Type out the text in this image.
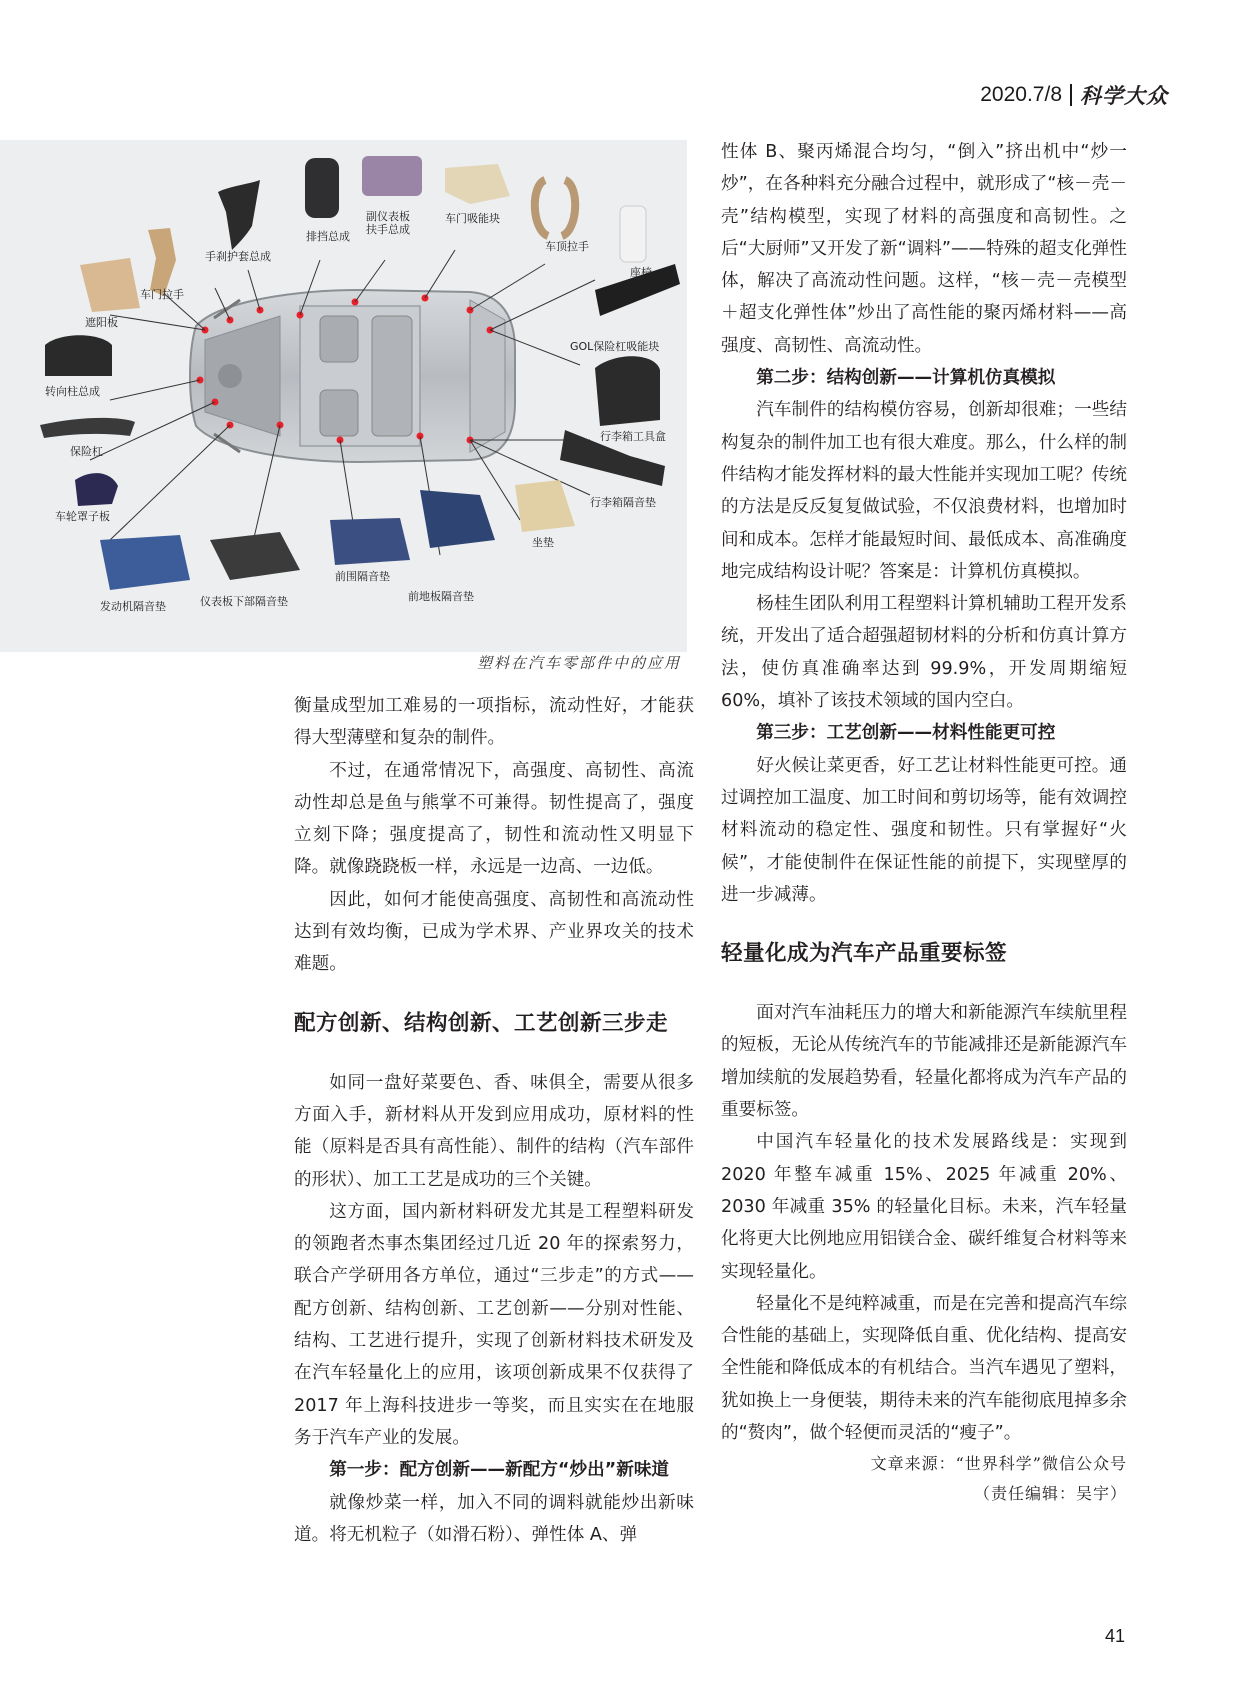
2020.7/8 科学大众
排挡总成
副仪表板扶手总成
车门吸能块
手刹护套总成
车门拉手
车顶拉手
座椅
遮阳板
GOL保险杠吸能块
转向柱总成
行李箱工具盒
保险杠
车轮罩子板
行李箱隔音垫
坐垫
发动机隔音垫	仪表板下部隔音垫
前围隔音垫
前地板隔音垫
塑料在汽车零部件中的应用

衡量成型加工难易的一项指标，流动性好，才能获得大型薄壁和复杂的制件。

不过，在通常情况下，高强度、高韧性、高流动性却总是鱼与熊掌不可兼得。韧性提高了，强度立刻下降；强度提高了，韧性和流动性又明显下降。就像跷跷板一样，永远是一边高、一边低。

因此，如何才能使高强度、高韧性和高流动性达到有效均衡，已成为学术界、产业界攻关的技术难题。

配方创新、结构创新、工艺创新三步走

如同一盘好菜要色、香、味俱全，需要从很多方面入手，新材料从开发到应用成功，原材料的性能（原料是否具有高性能）、制件的结构（汽车部件的形状）、加工工艺是成功的三个关键。

这方面，国内新材料研发尤其是工程塑料研发的领跑者杰事杰集团经过几近 20 年的探索努力，联合产学研用各方单位，通过“三步走”的方式——配方创新、结构创新、工艺创新——分别对性能、结构、工艺进行提升，实现了创新材料技术研发及在汽车轻量化上的应用，该项创新成果不仅获得了 2017 年上海科技进步一等奖，而且实实在在地服务于汽车产业的发展。

第一步：配方创新——新配方“炒出”新味道

就像炒菜一样，加入不同的调料就能炒出新味道。将无机粒子（如滑石粉）、弹性体 A、弹

性体 B、聚丙烯混合均匀，“倒入”挤出机中“炒一炒”，在各种料充分融合过程中，就形成了“核－壳－壳”结构模型，实现了材料的高强度和高韧性。之后“大厨师”又开发了新“调料”——特殊的超支化弹性体，解决了高流动性问题。这样，“核－壳－壳模型＋超支化弹性体”炒出了高性能的聚丙烯材料——高强度、高韧性、高流动性。

第二步：结构创新——计算机仿真模拟

汽车制件的结构模仿容易，创新却很难；一些结构复杂的制件加工也有很大难度。那么，什么样的制件结构才能发挥材料的最大性能并实现加工呢？传统的方法是反反复复做试验，不仅浪费材料，也增加时间和成本。怎样才能最短时间、最低成本、高准确度地完成结构设计呢？答案是：计算机仿真模拟。

杨桂生团队利用工程塑料计算机辅助工程开发系统，开发出了适合超强超韧材料的分析和仿真计算方法，使仿真准确率达到 99.9%，开发周期缩短 60%，填补了该技术领域的国内空白。

第三步：工艺创新——材料性能更可控

好火候让菜更香，好工艺让材料性能更可控。通过调控加工温度、加工时间和剪切场等，能有效调控材料流动的稳定性、强度和韧性。只有掌握好“火候”，才能使制件在保证性能的前提下，实现壁厚的进一步减薄。

轻量化成为汽车产品重要标签

面对汽车油耗压力的增大和新能源汽车续航里程的短板，无论从传统汽车的节能减排还是新能源汽车增加续航的发展趋势看，轻量化都将成为汽车产品的重要标签。

中国汽车轻量化的技术发展路线是：实现到 2020 年整车减重 15%、2025 年减重 20%、2030 年减重 35% 的轻量化目标。未来，汽车轻量化将更大比例地应用铝镁合金、碳纤维复合材料等来实现轻量化。

轻量化不是纯粹减重，而是在完善和提高汽车综合性能的基础上，实现降低自重、优化结构、提高安全性能和降低成本的有机结合。当汽车遇见了塑料，犹如换上一身便装，期待未来的汽车能彻底甩掉多余的“赘肉”，做个轻便而灵活的“瘦子”。

文章来源：“世界科学”微信公众号

（责任编辑：吴宇）

41
